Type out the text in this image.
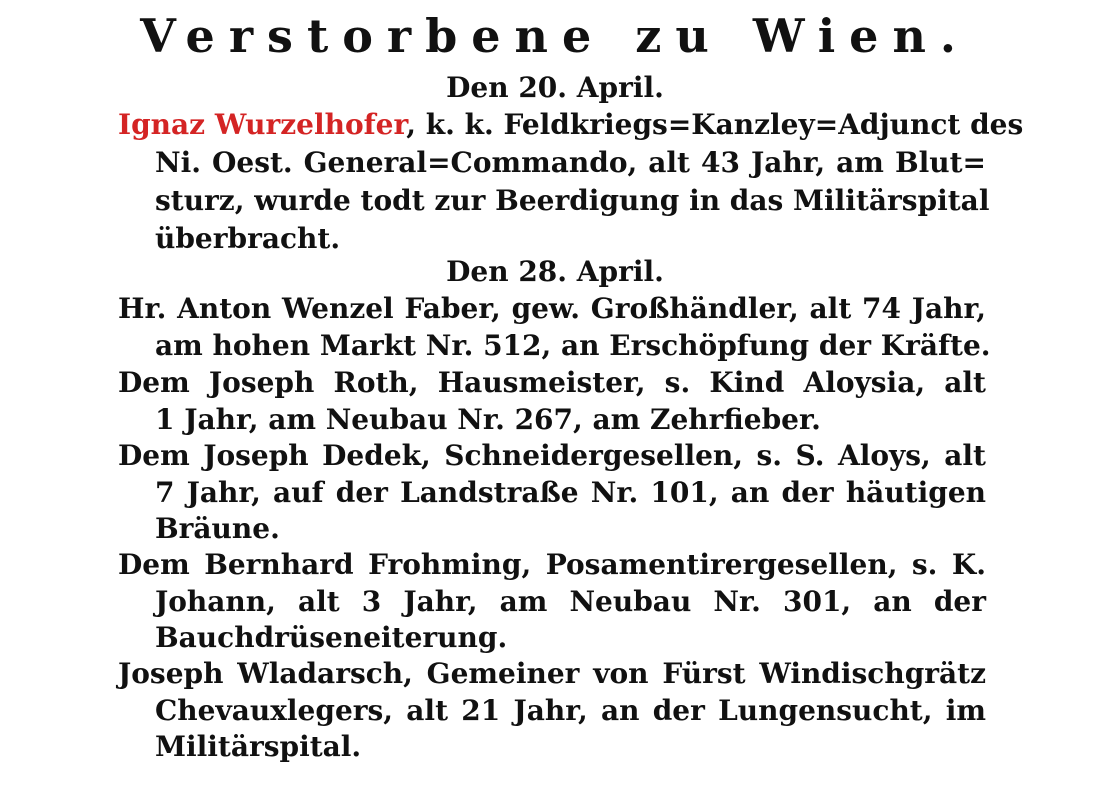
Verstorbene zu Wien.
Den 20. April.
Ignaz Wurzelhofer, k. k. Feldkriegs=Kanzley=Adjunct des
Ni. Oest. General=Commando, alt 43 Jahr, am Blut=
sturz, wurde todt zur Beerdigung in das Militärspital
überbracht.
Den 28. April.
Hr. Anton Wenzel Faber, gew. Großhändler, alt 74 Jahr,
am hohen Markt Nr. 512, an Erschöpfung der Kräfte.
Dem Joseph Roth, Hausmeister, s. Kind Aloysia, alt
1 Jahr, am Neubau Nr. 267, am Zehrfieber.
Dem Joseph Dedek, Schneidergesellen, s. S. Aloys, alt
7 Jahr, auf der Landstraße Nr. 101, an der häutigen
Bräune.
Dem Bernhard Frohming, Posamentirergesellen, s. K.
Johann, alt 3 Jahr, am Neubau Nr. 301, an der
Bauchdrüseneiterung.
Joseph Wladarsch, Gemeiner von Fürst Windischgrätz
Chevauxlegers, alt 21 Jahr, an der Lungensucht, im
Militärspital.
